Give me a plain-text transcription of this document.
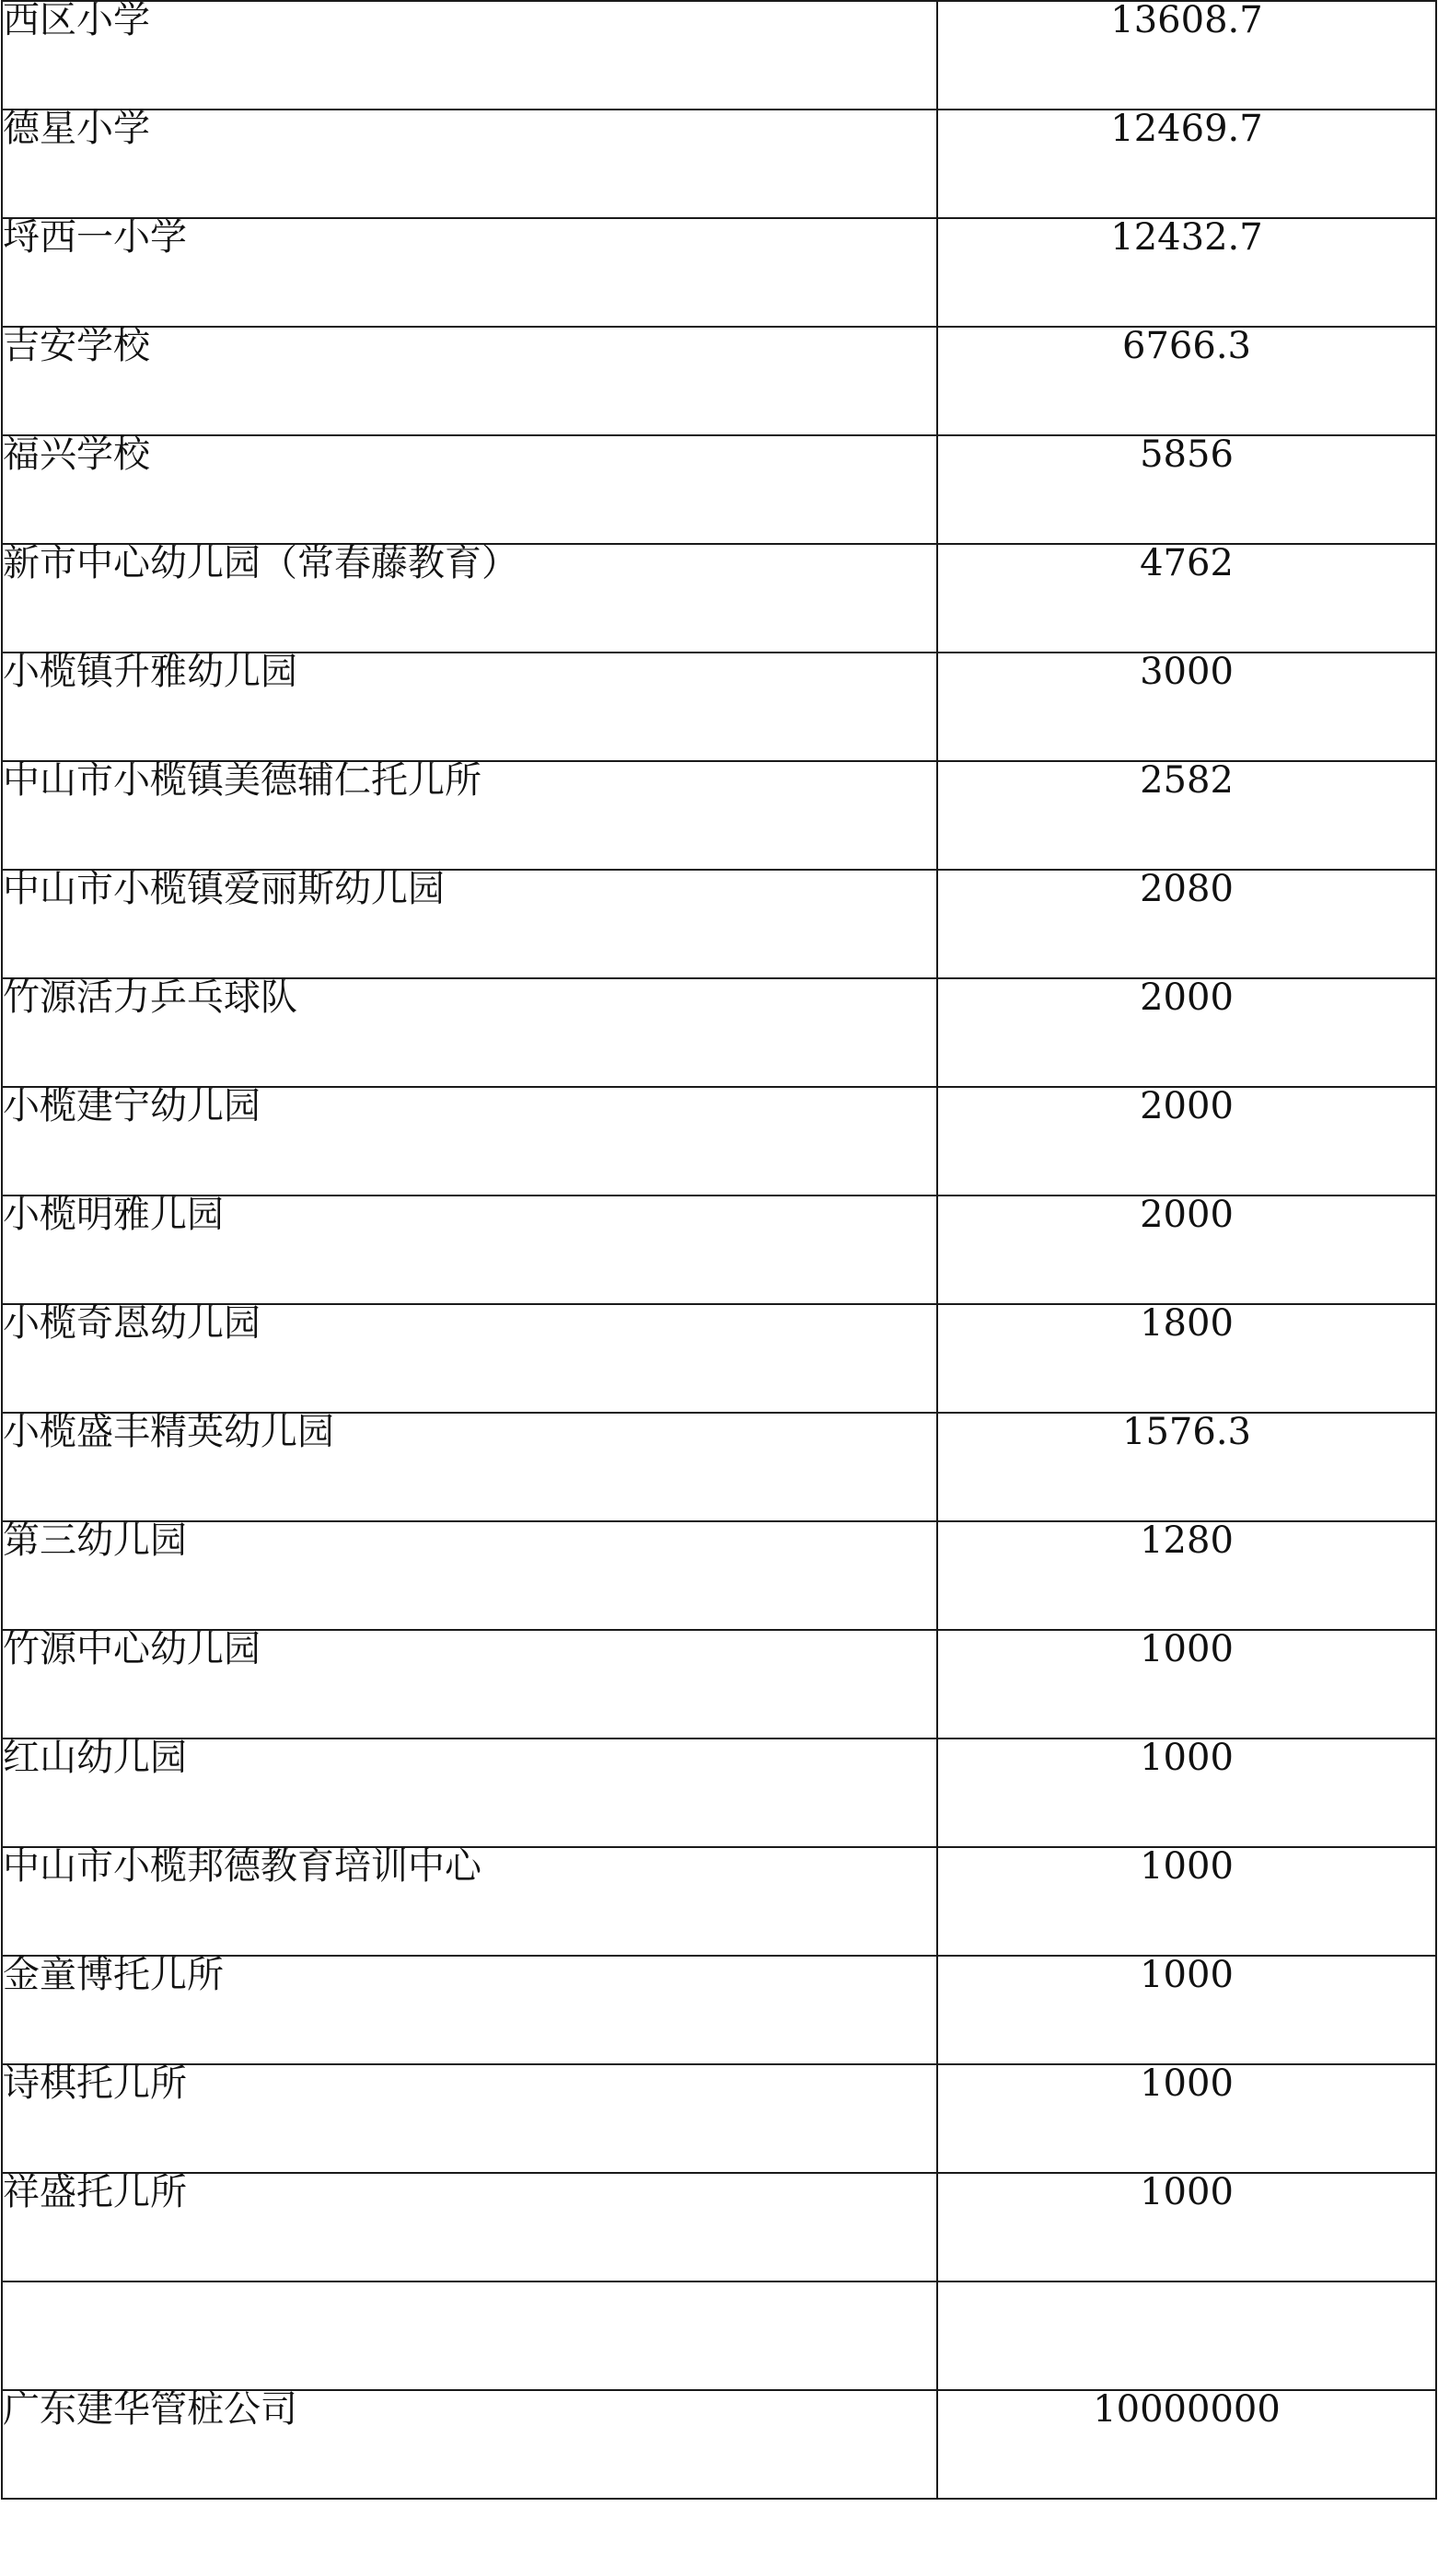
西区小学	13608.7
德星小学	12469.7
埒西一小学	12432.7
吉安学校	6766.3
福兴学校	5856
新市中心幼儿园（常春藤教育）	4762
小榄镇升雅幼儿园	3000
中山市小榄镇美德辅仁托儿所	2582
中山市小榄镇爱丽斯幼儿园	2080
竹源活力乒乓球队	2000
小榄建宁幼儿园	2000
小榄明雅儿园	2000
小榄奇恩幼儿园	1800
小榄盛丰精英幼儿园	1576.3
第三幼儿园	1280
竹源中心幼儿园	1000
红山幼儿园	1000
中山市小榄邦德教育培训中心	1000
金童博托儿所	1000
诗棋托儿所	1000
祥盛托儿所	1000

广东建华管桩公司	10000000
